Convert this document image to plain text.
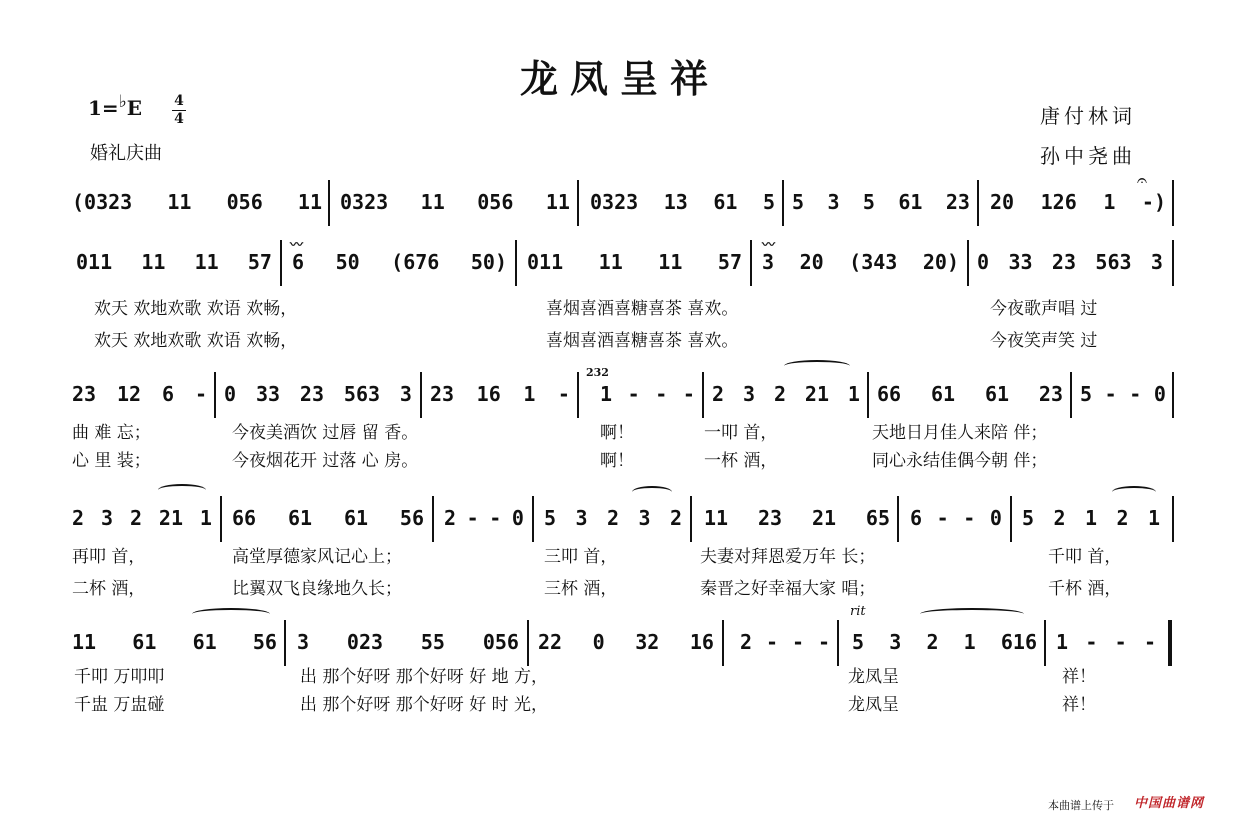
龙凤呈祥
1=♭E 4
4
婚礼庆曲
唐付林词
孙中尧曲
(0323 11 056 11 0323 11 056 11 0323 13 61 5 5 3 5 61 23 20 126 1 -)
𝄐
011 11 11 57 6 50 (676 50) 011 11 11 57 3 20 (343 20) 0 33 23 563 3
〰	〰
欢天 欢地欢歌 欢语 欢畅，	喜烟喜酒喜糖喜茶 喜欢。	今夜歌声唱 过
欢天 欢地欢歌 欢语 欢畅，	喜烟喜酒喜糖喜茶 喜欢。	今夜笑声笑 过
23 12 6 - 0 33 23 563 3 23 16 1 - 1 - - - 2 3 2 21 1 66 61 61 23 5 - - 0
232
曲 难 忘；	今夜美酒饮 过唇 留 香。	啊！	一叩 首，	天地日月佳人来陪 伴；
心 里 装；	今夜烟花开 过落 心 房。	啊！	一杯 酒，	同心永结佳偶今朝 伴；
2 3 2 21 1 66 61 61 56 2 - - 0 5 3 2 3 2 11 23 21 65 6 - - 0 5 2 1 2 1
再叩 首，	高堂厚德家风记心上；	三叩 首，	夫妻对拜恩爱万年 长；	千叩 首，
二杯 酒，	比翼双飞良缘地久长；	三杯 酒，	秦晋之好幸福大家 唱；	千杯 酒，
11 61 61 56 3 023 55 056 22 0 32 16 2 - - - 5 3 2 1 616 1 - - -
rit
千叩 万叩叩	出 那个好呀 那个好呀 好 地 方，	龙凤呈	祥！
千盅 万盅碰	出 那个好呀 那个好呀 好 时 光，	龙凤呈	祥！
本曲谱上传于 中国曲谱网
